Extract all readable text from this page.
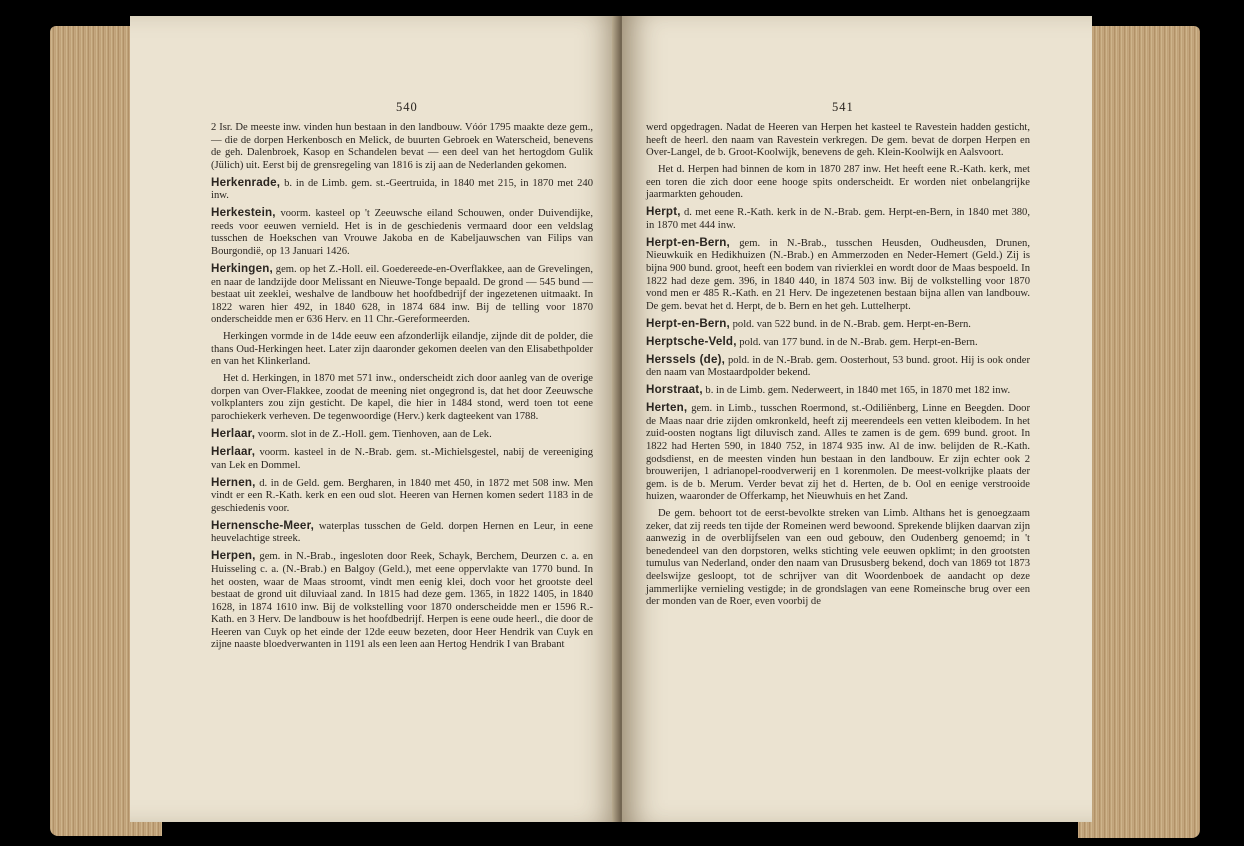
540

2 Isr. De meeste inw. vinden hun bestaan in den landbouw. Vóór 1795 maakte deze gem., — die de dorpen Herkenbosch en Melick, de buurten Gebroek en Waterscheid, benevens de geh. Dalenbroek, Kasop en Schandelen bevat — een deel van het hertogdom Gulik (Jülich) uit. Eerst bij de grensregeling van 1816 is zij aan de Nederlanden gekomen.

Herkenrade, b. in de Limb. gem. st.-Geertruida, in 1840 met 215, in 1870 met 240 inw.

Herkestein, voorm. kasteel op 't Zeeuwsche eiland Schouwen, onder Duivendijke, reeds voor eeuwen vernield. Het is in de geschiedenis vermaard door een veldslag tusschen de Hoekschen van Vrouwe Jakoba en de Kabeljauwschen van Filips van Bourgondië, op 13 Januari 1426.

Herkingen, gem. op het Z.-Holl. eil. Goedereede-en-Overflakkee, aan de Grevelingen, en naar de landzijde door Melissant en Nieuwe-Tonge bepaald. De grond — 545 bund — bestaat uit zeeklei, weshalve de landbouw het hoofdbedrijf der ingezetenen uitmaakt. In 1822 waren hier 492, in 1840 628, in 1874 684 inw. Bij de telling voor 1870 onderscheidde men er 636 Herv. en 11 Chr.-Gereformeerden.

Herkingen vormde in de 14de eeuw een afzonderlijk eilandje, zijnde dit de polder, die thans Oud-Herkingen heet. Later zijn daaronder gekomen deelen van den Elisabethpolder en van het Klinkerland.

Het d. Herkingen, in 1870 met 571 inw., onderscheidt zich door aanleg van de overige dorpen van Over-Flakkee, zoodat de meening niet ongegrond is, dat het door Zeeuwsche volkplanters zou zijn gesticht. De kapel, die hier in 1484 stond, werd toen tot eene parochiekerk verheven. De tegenwoordige (Herv.) kerk dagteekent van 1788.

Herlaar, voorm. slot in de Z.-Holl. gem. Tienhoven, aan de Lek.

Herlaar, voorm. kasteel in de N.-Brab. gem. st.-Michielsgestel, nabij de vereeniging van Lek en Dommel.

Hernen, d. in de Geld. gem. Bergharen, in 1840 met 450, in 1872 met 508 inw. Men vindt er een R.-Kath. kerk en een oud slot. Heeren van Hernen komen sedert 1183 in de geschiedenis voor.

Hernensche-Meer, waterplas tusschen de Geld. dorpen Hernen en Leur, in eene heuvelachtige streek.

Herpen, gem. in N.-Brab., ingesloten door Reek, Schayk, Berchem, Deurzen c. a. en Huisseling c. a. (N.-Brab.) en Balgoy (Geld.), met eene oppervlakte van 1770 bund. In het oosten, waar de Maas stroomt, vindt men eenig klei, doch voor het grootste deel bestaat de grond uit diluviaal zand. In 1815 had deze gem. 1365, in 1822 1405, in 1840 1628, in 1874 1610 inw. Bij de volkstelling voor 1870 onderscheidde men er 1596 R.-Kath. en 3 Herv. De landbouw is het hoofdbedrijf. Herpen is eene oude heerl., die door de Heeren van Cuyk op het einde der 12de eeuw bezeten, door Heer Hendrik van Cuyk en zijne naaste bloedverwanten in 1191 als een leen aan Hertog Hendrik I van Brabant

541

werd opgedragen. Nadat de Heeren van Herpen het kasteel te Ravestein hadden gesticht, heeft de heerl. den naam van Ravestein verkregen. De gem. bevat de dorpen Herpen en Over-Langel, de b. Groot-Koolwijk, benevens de geh. Klein-Koolwijk en Aalsvoort.

Het d. Herpen had binnen de kom in 1870 287 inw. Het heeft eene R.-Kath. kerk, met een toren die zich door eene hooge spits onderscheidt. Er worden niet onbelangrijke jaarmarkten gehouden.

Herpt, d. met eene R.-Kath. kerk in de N.-Brab. gem. Herpt-en-Bern, in 1840 met 380, in 1870 met 444 inw.

Herpt-en-Bern, gem. in N.-Brab., tusschen Heusden, Oudheusden, Drunen, Nieuwkuik en Hedikhuizen (N.-Brab.) en Ammerzoden en Neder-Hemert (Geld.) Zij is bijna 900 bund. groot, heeft een bodem van rivierklei en wordt door de Maas bespoeld. In 1822 had deze gem. 396, in 1840 440, in 1874 503 inw. Bij de volkstelling voor 1870 vond men er 485 R.-Kath. en 21 Herv. De ingezetenen bestaan bijna allen van landbouw. De gem. bevat het d. Herpt, de b. Bern en het geh. Luttelherpt.

Herpt-en-Bern, pold. van 522 bund. in de N.-Brab. gem. Herpt-en-Bern.

Herptsche-Veld, pold. van 177 bund. in de N.-Brab. gem. Herpt-en-Bern.

Herssels (de), pold. in de N.-Brab. gem. Oosterhout, 53 bund. groot. Hij is ook onder den naam van Mostaardpolder bekend.

Horstraat, b. in de Limb. gem. Nederweert, in 1840 met 165, in 1870 met 182 inw.

Herten, gem. in Limb., tusschen Roermond, st.-Odiliënberg, Linne en Beegden. Door de Maas naar drie zijden omkronkeld, heeft zij meerendeels een vetten kleibodem. In het zuid-oosten nogtans ligt diluvisch zand. Alles te zamen is de gem. 699 bund. groot. In 1822 had Herten 590, in 1840 752, in 1874 935 inw. Al de inw. belijden de R.-Kath. godsdienst, en de meesten vinden hun bestaan in den landbouw. Er zijn echter ook 2 brouwerijen, 1 adrianopel-roodverwerij en 1 korenmolen. De meest-volkrijke plaats der gem. is de b. Merum. Verder bevat zij het d. Herten, de b. Ool en eenige verstrooide huizen, waaronder de Offerkamp, het Nieuwhuis en het Zand.

De gem. behoort tot de eerst-bevolkte streken van Limb. Althans het is genoegzaam zeker, dat zij reeds ten tijde der Romeinen werd bewoond. Sprekende blijken daarvan zijn aanwezig in de overblijfselen van een oud gebouw, den Oudenberg genoemd; in 't benedendeel van den dorpstoren, welks stichting vele eeuwen opklimt; in den grootsten tumulus van Nederland, onder den naam van Drususberg bekend, doch van 1869 tot 1873 deelswijze gesloopt, tot de schrijver van dit Woordenboek de aandacht op deze jammerlijke vernieling vestigde; in de grondslagen van eene Romeinsche brug over een der monden van de Roer, even voorbij de
